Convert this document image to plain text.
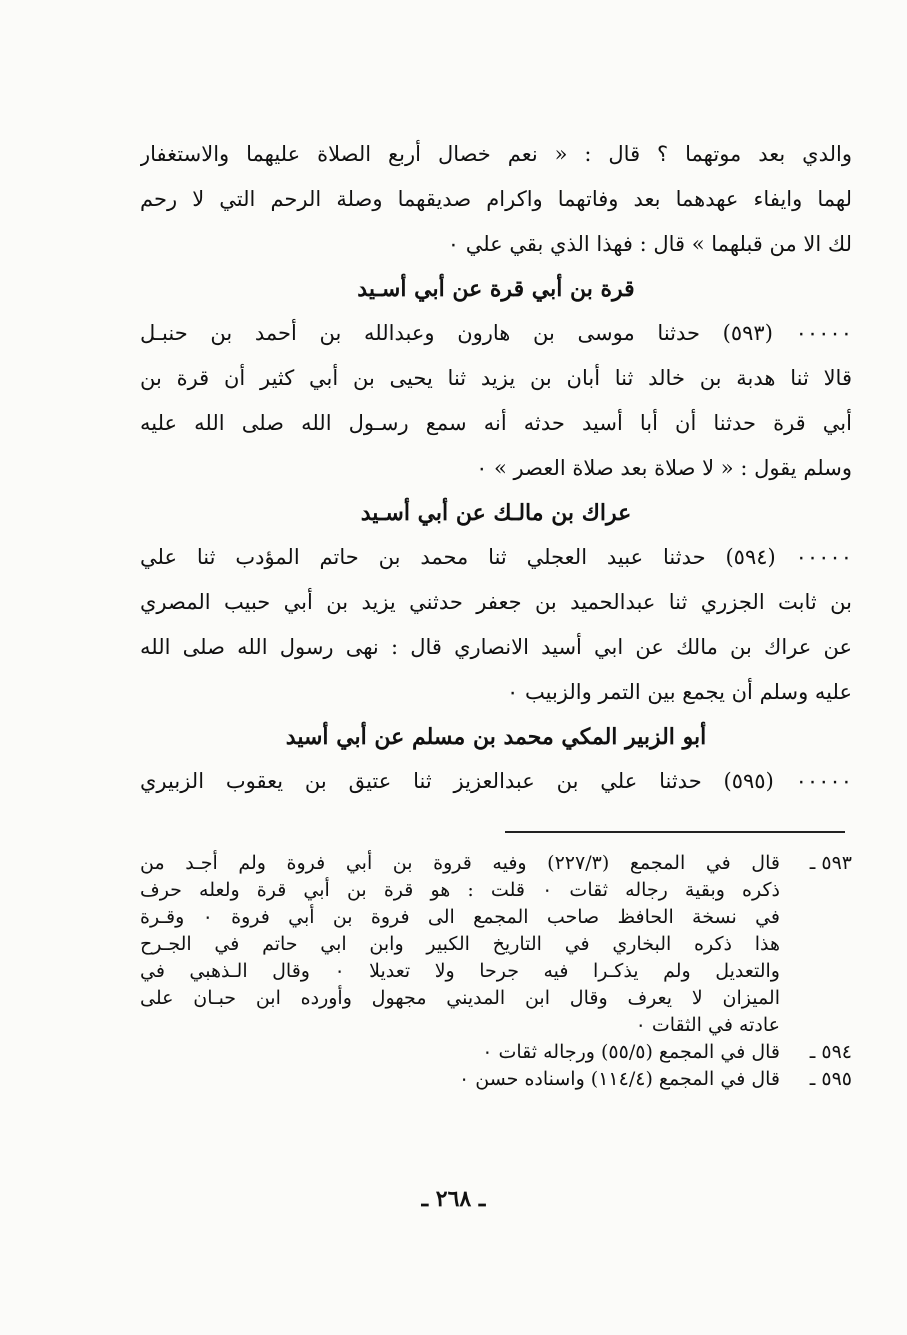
والدي بعد موتهما ؟ قال : « نعم خصال أربع الصلاة عليهما والاستغفار
لهما وايفاء عهدهما بعد وفاتهما واكرام صديقهما وصلة الرحم التي لا رحم
لك الا من قبلهما » قال : فهذا الذي بقي علي ٠
قرة بن أبي قرة عن أبي أسـيد
٠٠٠٠٠ (٥٩٣) حدثنا موسى بن هارون وعبدالله بن أحمد بن حنبـل
قالا ثنا هدبة بن خالد ثنا أبان بن يزيد ثنا يحيى بن أبي كثير أن قرة بن
أبي قرة حدثنا أن أبا أسيد حدثه أنه سمع رسـول الله صلى الله عليه
وسلم يقول : « لا صلاة بعد صلاة العصر » ٠
عراك بن مالـك عن أبي أسـيد
٠٠٠٠٠ (٥٩٤) حدثنا عبيد العجلي ثنا محمد بن حاتم المؤدب ثنا علي
بن ثابت الجزري ثنا عبدالحميد بن جعفر حدثني يزيد بن أبي حبيب المصري
عن عراك بن مالك عن ابي أسيد الانصاري قال : نهى رسول الله صلى الله
عليه وسلم أن يجمع بين التمر والزبيب ٠
أبو الزبير المكي محمد بن مسلم عن أبي أسيد
٠٠٠٠٠ (٥٩٥) حدثنا علي بن عبدالعزيز ثنا عتيق بن يعقوب الزبيري
٥٩٣ ـ
قال في المجمع (٢٢٧/٣) وفيه قروة بن أبي فروة ولم أجـد من
ذكره وبقية رجاله ثقات ٠ قلت : هو قرة بن أبي قرة ولعله حرف
في نسخة الحافظ صاحب المجمع الى فروة بن أبي فروة ٠ وقـرة
هذا ذكره البخاري في التاريخ الكبير وابن ابي حاتم في الجـرح
والتعديل ولم يذكـرا فيه جرحا ولا تعديلا ٠ وقال الـذهبي في
الميزان لا يعرف وقال ابن المديني مجهول وأورده ابن حبـان على
عادته في الثقات ٠
٥٩٤ ـ
قال في المجمع (٥٥/٥) ورجاله ثقات ٠
٥٩٥ ـ
قال في المجمع (١١٤/٤) واسناده حسن ٠
ـ ٢٦٨ ـ
